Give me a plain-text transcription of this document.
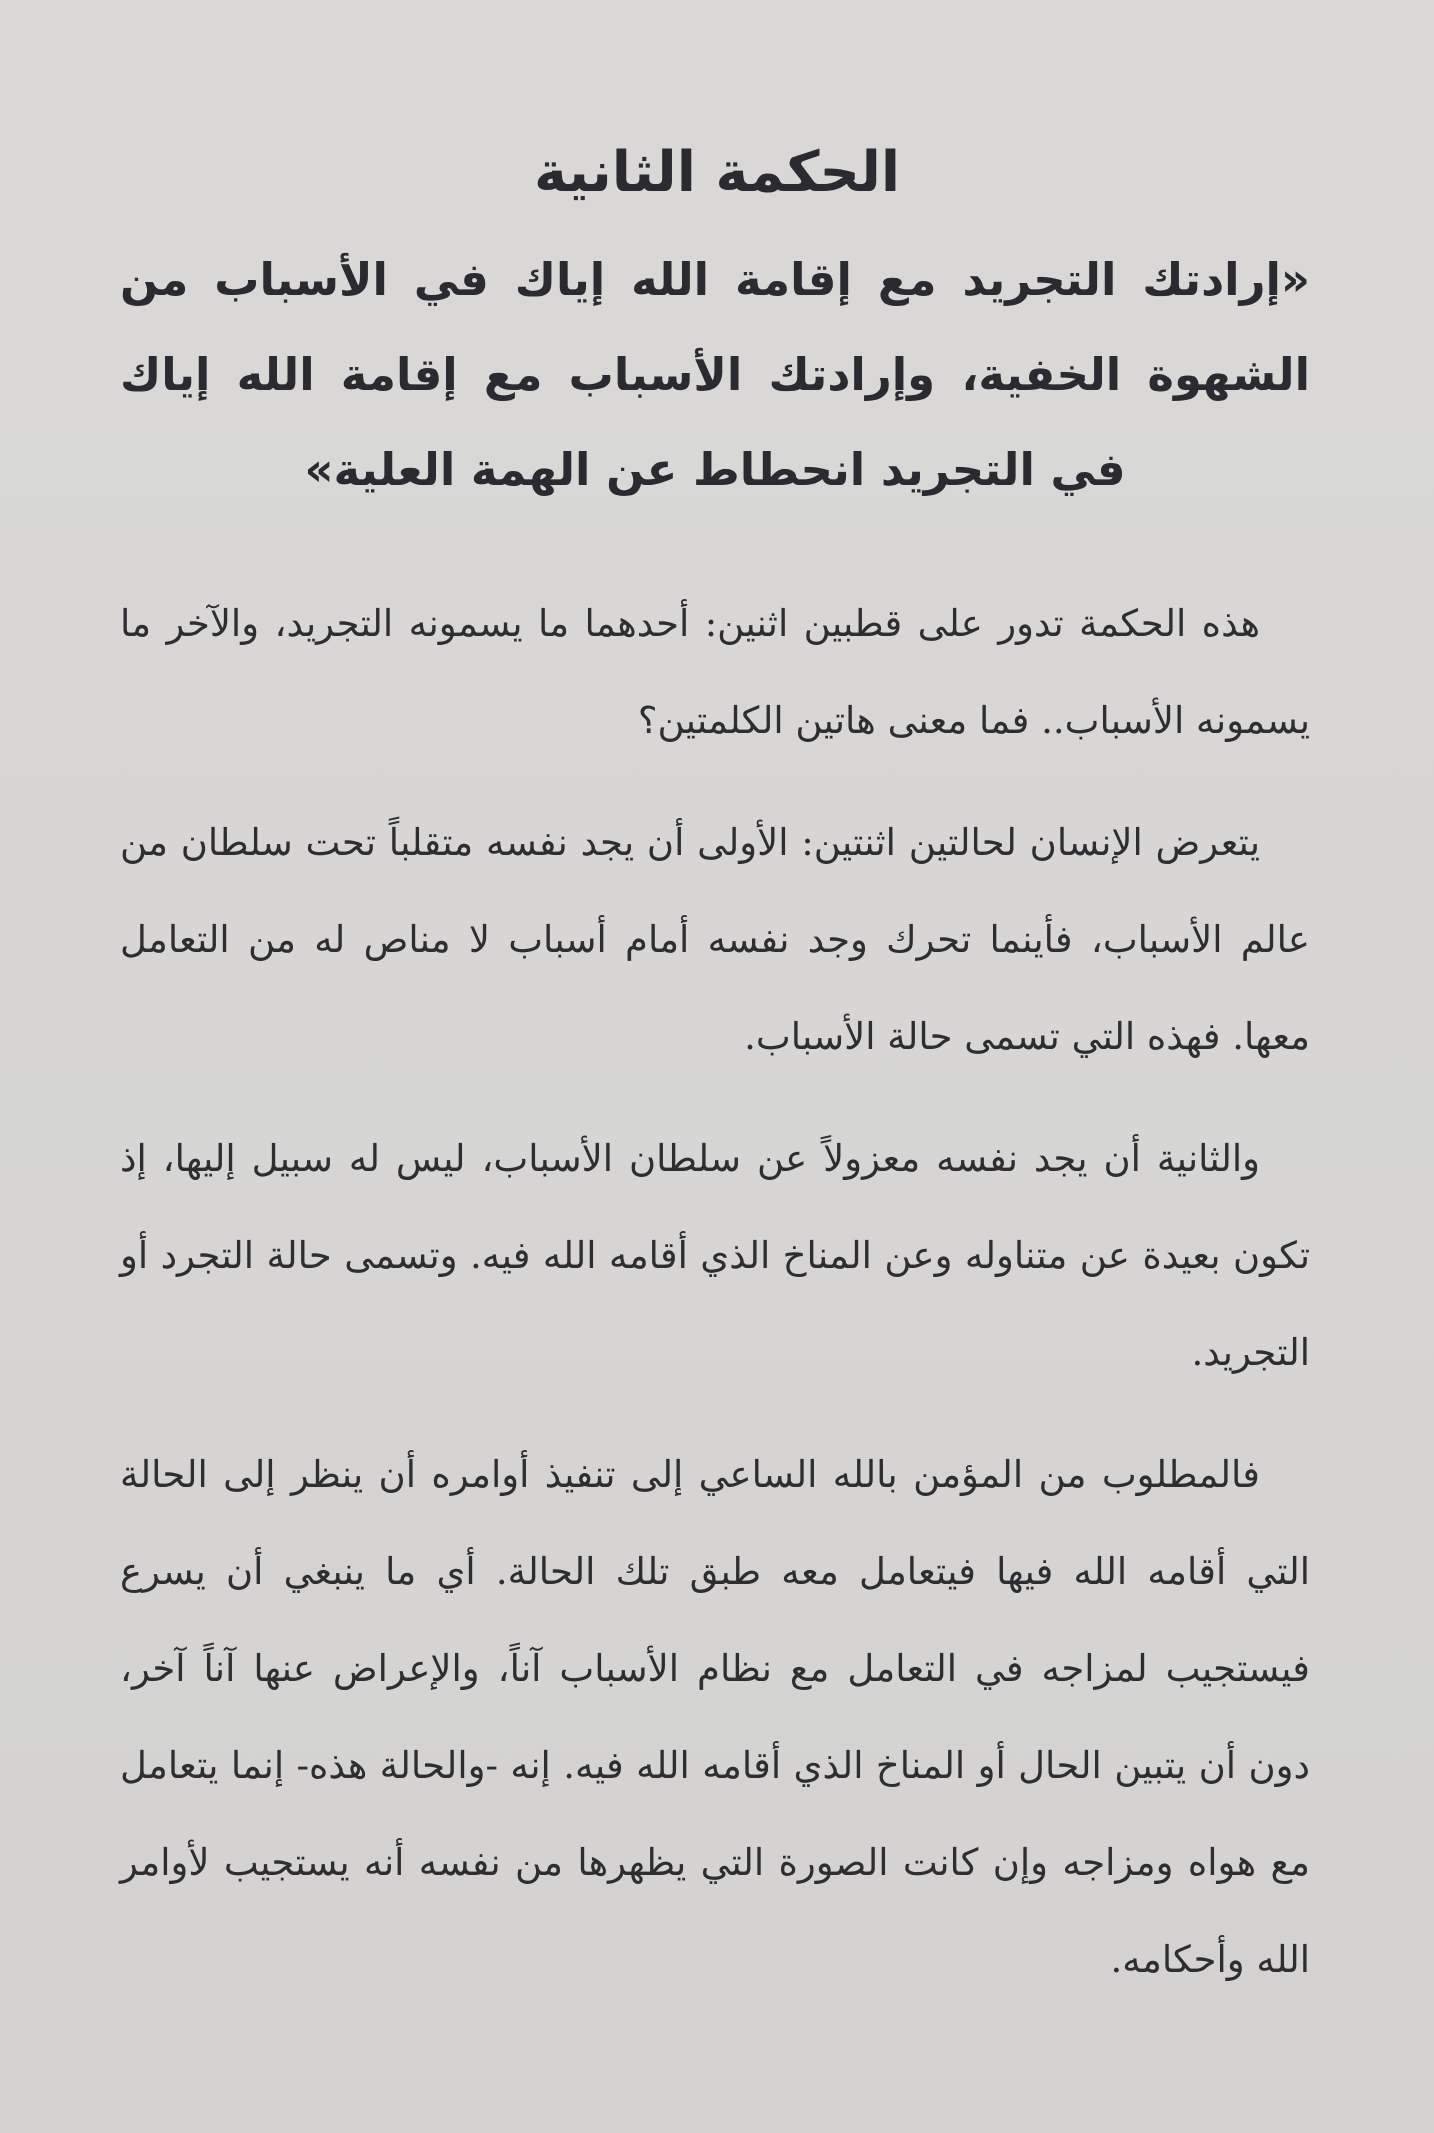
الحكمة الثانية
«إرادتك التجريد مع إقامة الله إياك في الأسباب من الشهوة الخفية، وإرادتك الأسباب مع إقامة الله إياك في التجريد انحطاط عن الهمة العلية»

هذه الحكمة تدور على قطبين اثنين: أحدهما ما يسمونه التجريد، والآخر ما يسمونه الأسباب.. فما معنى هاتين الكلمتين؟

يتعرض الإنسان لحالتين اثنتين: الأولى أن يجد نفسه متقلباً تحت سلطان من عالم الأسباب، فأينما تحرك وجد نفسه أمام أسباب لا مناص له من التعامل معها. فهذه التي تسمى حالة الأسباب.

والثانية أن يجد نفسه معزولاً عن سلطان الأسباب، ليس له سبيل إليها، إذ تكون بعيدة عن متناوله وعن المناخ الذي أقامه الله فيه. وتسمى حالة التجرد أو التجريد.

فالمطلوب من المؤمن بالله الساعي إلى تنفيذ أوامره أن ينظر إلى الحالة التي أقامه الله فيها فيتعامل معه طبق تلك الحالة. أي ما ينبغي أن يسرع فيستجيب لمزاجه في التعامل مع نظام الأسباب آناً، والإعراض عنها آناً آخر، دون أن يتبين الحال أو المناخ الذي أقامه الله فيه. إنه -والحالة هذه- إنما يتعامل مع هواه ومزاجه وإن كانت الصورة التي يظهرها من نفسه أنه يستجيب لأوامر الله وأحكامه.
